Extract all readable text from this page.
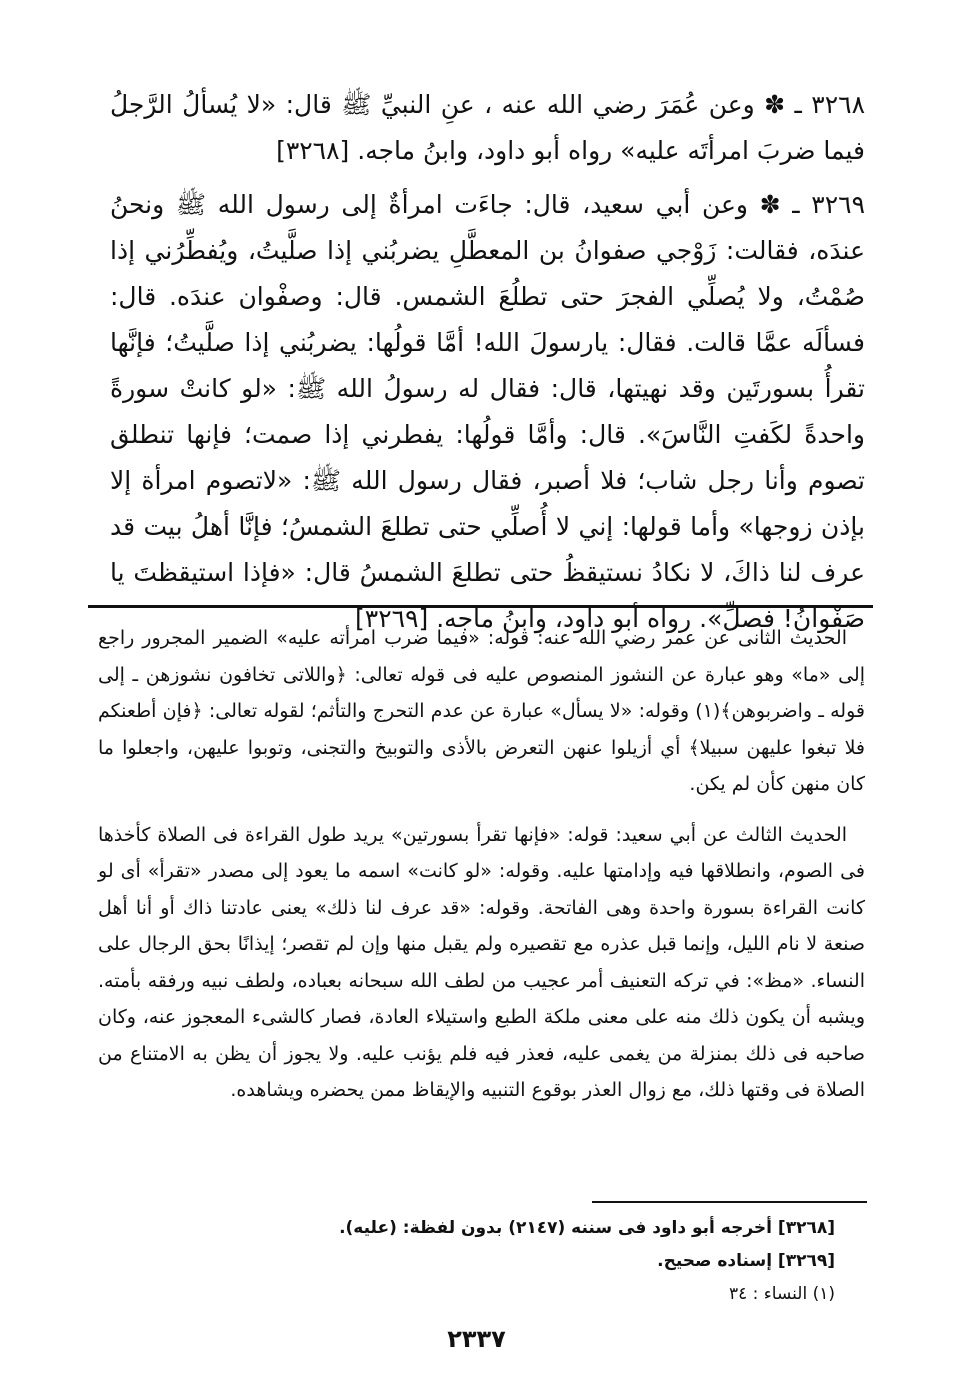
٣٢٦٨ ـ ✽ وعن عُمَرَ رضي الله عنه ، عنِ النبيِّ ﷺ قال: «لا يُسألُ الرَّجلُ فيما ضربَ امرأتَه عليه» رواه أبو داود، وابنُ ماجه. [٣٢٦٨]

٣٢٦٩ ـ ✽ وعن أبي سعيد، قال: جاءَت امرأةٌ إلى رسول الله ﷺ ونحنُ عندَه، فقالت: زَوْجي صفوانُ بن المعطَّلِ يضربُني إذا صلَّيتُ، ويُفطِّرُني إذا صُمْتُ، ولا يُصلِّي الفجرَ حتى تطلُعَ الشمس. قال: وصفْوان عندَه. قال: فسألَه عمَّا قالت. فقال: يارسولَ الله! أمَّا قولُها: يضربُني إذا صلَّيتُ؛ فإنَّها تقرأُ بسورتَين وقد نهيتها، قال: فقال له رسولُ الله ﷺ: «لو كانتْ سورةً واحدةً لكَفتِ النَّاسَ». قال: وأمَّا قولُها: يفطرني إذا صمت؛ فإنها تنطلق تصوم وأنا رجل شاب؛ فلا أصبر، فقال رسول الله ﷺ: «لاتصوم امرأة إلا بإذن زوجها» وأما قولها: إني لا أُصلِّي حتى تطلعَ الشمسُ؛ فإنَّا أهلُ بيت قد عرف لنا ذاكَ، لا نكادُ نستيقظُ حتى تطلعَ الشمسُ قال: «فإذا استيقظتَ يا صَفْوانُ! فصلِّ». رواه أبو داود، وابنُ ماجه. [٣٢٦٩]

الحديث الثانى عن عمر رضي الله عنه: قوله: «فيما ضرب امرأته عليه» الضمير المجرور راجع إلى «ما» وهو عبارة عن النشوز المنصوص عليه فى قوله تعالى: ﴿واللاتى تخافون نشوزهن ـ إلى قوله ـ واضربوهن﴾(١) وقوله: «لا يسأل» عبارة عن عدم التحرج والتأثم؛ لقوله تعالى: ﴿فإن أطعنكم فلا تبغوا عليهن سبيلا﴾ أي أزيلوا عنهن التعرض بالأذى والتوبيخ والتجنى، وتوبوا عليهن، واجعلوا ما كان منهن كأن لم يكن.

الحديث الثالث عن أبي سعيد: قوله: «فإنها تقرأ بسورتين» يريد طول القراءة فى الصلاة كأخذها فى الصوم، وانطلاقها فيه وإدامتها عليه. وقوله: «لو كانت» اسمه ما يعود إلى مصدر «تقرأ» أى لو كانت القراءة بسورة واحدة وهى الفاتحة. وقوله: «قد عرف لنا ذلك» يعنى عادتنا ذاك أو أنا أهل صنعة لا نام الليل، وإنما قبل عذره مع تقصيره ولم يقبل منها وإن لم تقصر؛ إيذانًا بحق الرجال على النساء. «مظ»: في تركه التعنيف أمر عجيب من لطف الله سبحانه بعباده، ولطف نبيه ورفقه بأمته. ويشبه أن يكون ذلك منه على معنى ملكة الطبع واستيلاء العادة، فصار كالشىء المعجوز عنه، وكان صاحبه فى ذلك بمنزلة من يغمى عليه، فعذر فيه فلم يؤنب عليه. ولا يجوز أن يظن به الامتناع من الصلاة فى وقتها ذلك، مع زوال العذر بوقوع التنبيه والإيقاظ ممن يحضره ويشاهده.

[٣٢٦٨] أخرجه أبو داود فى سننه (٢١٤٧) بدون لفظة: (عليه).
[٣٢٦٩] إسناده صحيح.
(١) النساء : ٣٤
٢٣٣٧
